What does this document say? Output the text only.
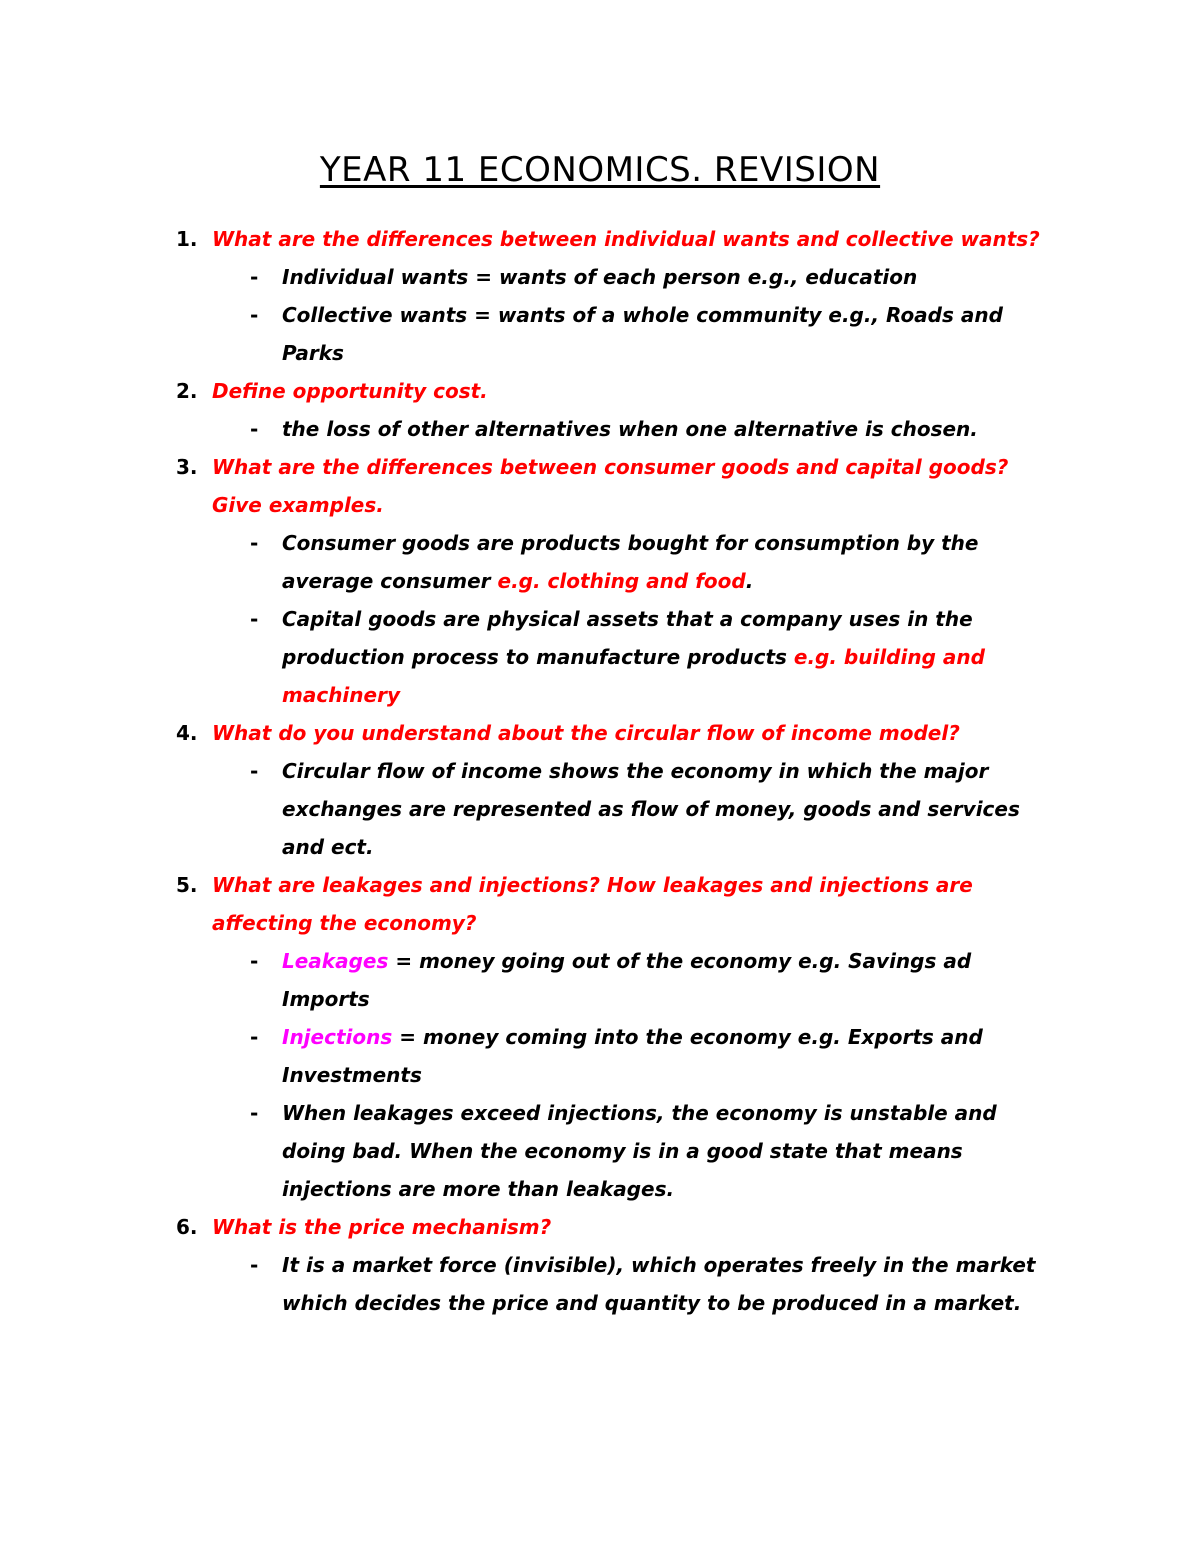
YEAR 11 ECONOMICS. REVISION
1. What are the differences between individual wants and collective wants?
- Individual wants = wants of each person e.g., education
- Collective wants = wants of a whole community e.g., Roads and Parks
2. Define opportunity cost.
- the loss of other alternatives when one alternative is chosen.
3. What are the differences between consumer goods and capital goods? Give examples.
- Consumer goods are products bought for consumption by the average consumer e.g. clothing and food.
- Capital goods are physical assets that a company uses in the production process to manufacture products e.g. building and machinery
4. What do you understand about the circular flow of income model?
- Circular flow of income shows the economy in which the major exchanges are represented as flow of money, goods and services and ect.
5. What are leakages and injections? How leakages and injections are affecting the economy?
- Leakages = money going out of the economy e.g. Savings ad Imports
- Injections = money coming into the economy e.g. Exports and Investments
- When leakages exceed injections, the economy is unstable and doing bad. When the economy is in a good state that means injections are more than leakages.
6. What is the price mechanism?
- It is a market force (invisible), which operates freely in the market which decides the price and quantity to be produced in a market.
